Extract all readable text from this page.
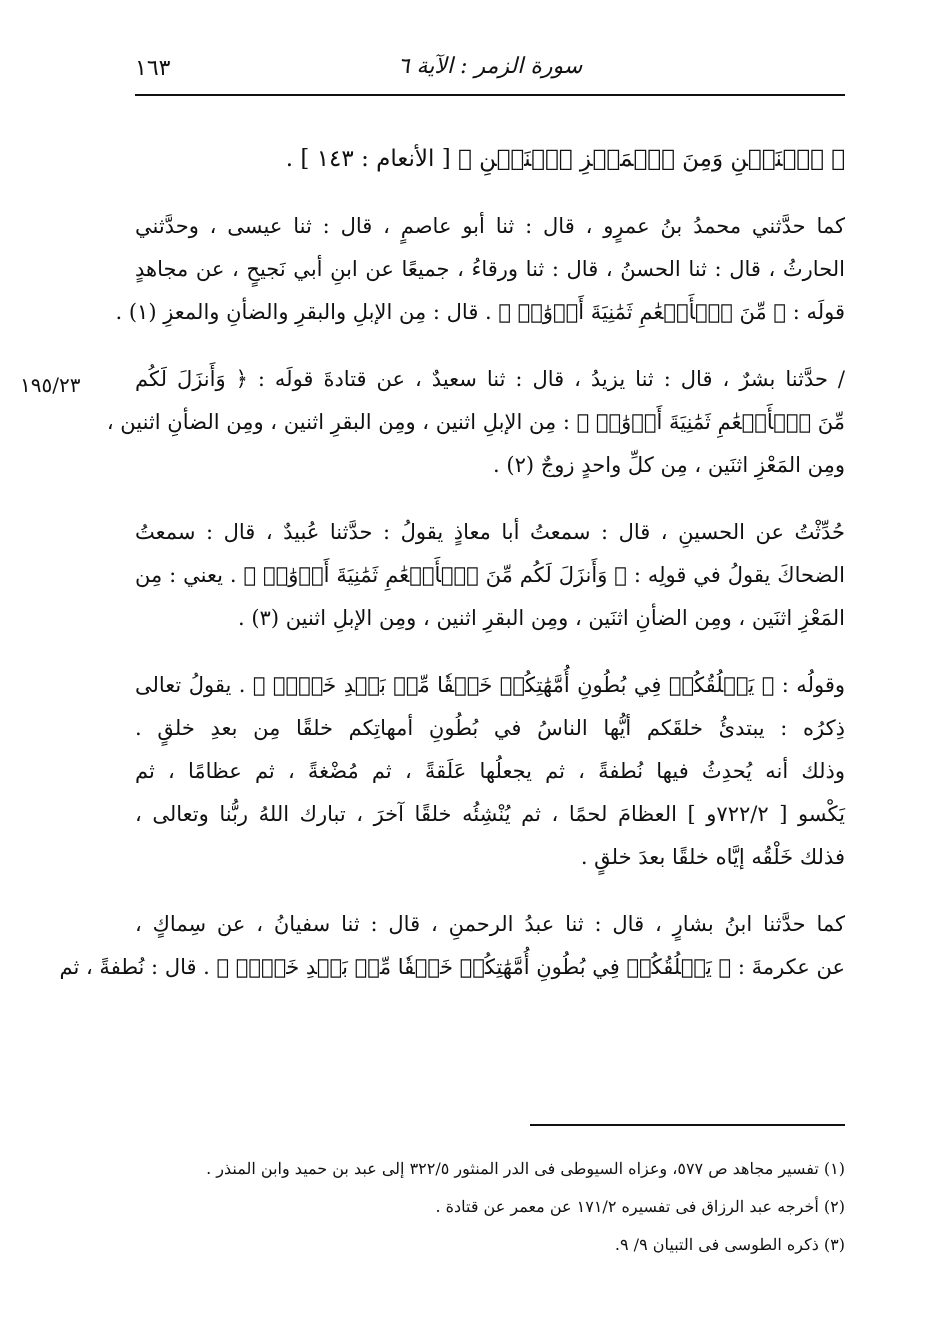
١٦٣	سورة الزمر : الآية ٦
١٩٥/٢٣
﴿ ٱثۡنَيۡنِ وَمِنَ ٱلۡمَعۡزِ ٱثۡنَيۡنِ ﴾ [ الأنعام : ١٤٣ ] .
كما حدَّثني محمدُ بنُ عمرٍو ، قال : ثنا أبو عاصمٍ ، قال : ثنا عيسى ، وحدَّثني
الحارثُ ، قال : ثنا الحسنُ ، قال : ثنا ورقاءُ ، جميعًا عن ابنِ أبي نَجيحٍ ، عن مجاهدٍ
قولَه : ﴿ مِّنَ ٱلۡأَنۡعَٰمِ ثَمَٰنِيَةَ أَزۡوَٰجٖ ﴾ . قال : مِن الإبلِ والبقرِ والضأنِ والمعزِ (١) .
/ حدَّثنا بشرٌ ، قال : ثنا يزيدُ ، قال : ثنا سعيدٌ ، عن قتادةَ قولَه : ﴿ وَأَنزَلَ لَكُم
مِّنَ ٱلۡأَنۡعَٰمِ ثَمَٰنِيَةَ أَزۡوَٰجٖ ﴾ : مِن الإبلِ اثنين ، ومِن البقرِ اثنين ، ومِن الضأنِ اثنين ،
ومِن المَعْزِ اثنَين ، مِن كلِّ واحدٍ زوجٌ (٢) .
حُدِّثْتُ عن الحسينِ ، قال : سمعتُ أبا معاذٍ يقولُ : حدَّثنا عُبيدٌ ، قال : سمعتُ
الضحاكَ يقولُ في قولِه : ﴿ وَأَنزَلَ لَكُم مِّنَ ٱلۡأَنۡعَٰمِ ثَمَٰنِيَةَ أَزۡوَٰجٖ ﴾ . يعني : مِن
المَعْزِ اثنَين ، ومِن الضأنِ اثنَين ، ومِن البقرِ اثنين ، ومِن الإبلِ اثنين (٣) .
وقولُه : ﴿ يَخۡلُقُكُمۡ فِي بُطُونِ أُمَّهَٰتِكُمۡ خَلۡقٗا مِّنۢ بَعۡدِ خَلۡقٖ ﴾ . يقولُ تعالى
ذِكرُه : يبتدئُ خلقَكم أيُّها الناسُ في بُطُونِ أمهاتِكم خلقًا مِن بعدِ خلقٍ .
وذلك أنه يُحدِثُ فيها نُطفةً ، ثم يجعلُها عَلَقةً ، ثم مُضْغةً ، ثم عظامًا ، ثم
يَكْسو [ ٧٢٢/٢و ] العظامَ لحمًا ، ثم يُنْشِئُه خلقًا آخرَ ، تبارك اللهُ ربُّنا وتعالى ،
فذلك خَلْقُه إيَّاه خلقًا بعدَ خلقٍ .
كما حدَّثنا ابنُ بشارٍ ، قال : ثنا عبدُ الرحمنِ ، قال : ثنا سفيانُ ، عن سِماكٍ ،
عن عكرمةَ : ﴿ يَخۡلُقُكُمۡ فِي بُطُونِ أُمَّهَٰتِكُمۡ خَلۡقٗا مِّنۢ بَعۡدِ خَلۡقٖ ﴾ . قال : نُطفةً ، ثم
(١) تفسير مجاهد ص ٥٧٧، وعزاه السيوطى فى الدر المنثور ٣٢٢/٥ إلى عبد بن حميد وابن المنذر .
(٢) أخرجه عبد الرزاق فى تفسيره ١٧١/٢ عن معمر عن قتادة .
(٣) ذكره الطوسى فى التبيان ٩/ ٩.
